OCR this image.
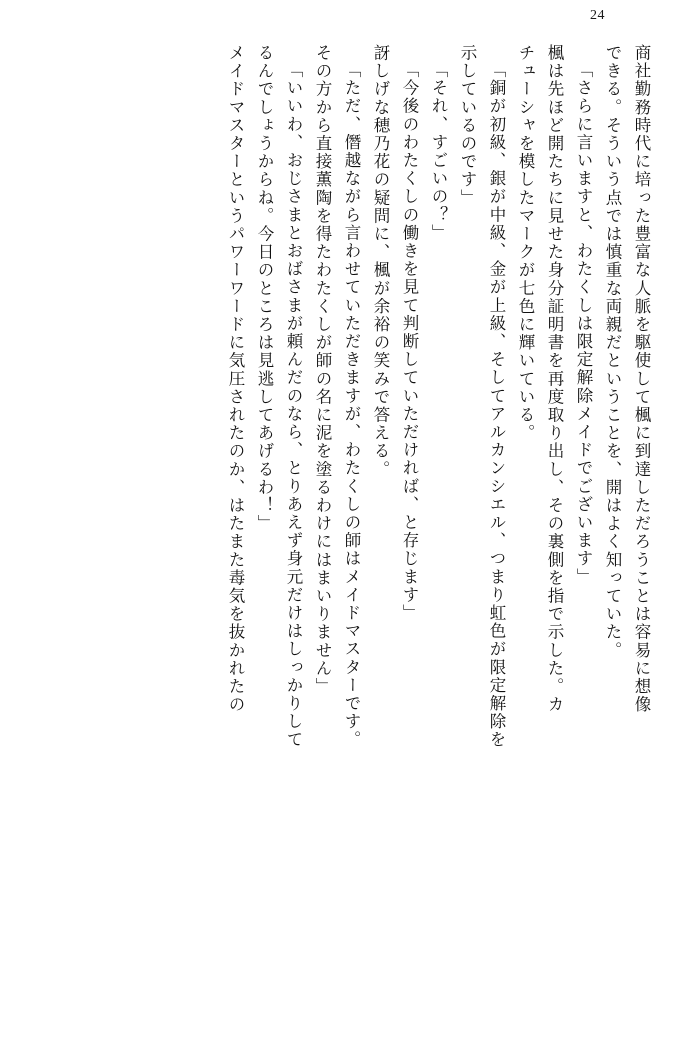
24
商社勤務時代に培った豊富な人脈を駆使して楓に到達しただろうことは容易に想像
できる。そういう点では慎重な両親だということを、開はよく知っていた。
「さらに言いますと、わたくしは限定解除メイドでございます」
楓は先ほど開たちに見せた身分証明書を再度取り出し、その裏側を指で示した。カ
チューシャを模したマークが七色に輝いている。
「銅が初級、銀が中級、金が上級、そしてアルカンシエル、つまり虹色が限定解除を
示しているのです」
「それ、すごいの？」
「今後のわたくしの働きを見て判断していただければ、と存じます」
訝しげな穂乃花の疑問に、楓が余裕の笑みで答える。
「ただ、僭越ながら言わせていただきますが、わたくしの師はメイドマスターです。
その方から直接薫陶を得たわたくしが師の名に泥を塗るわけにはまいりません」
「いいわ、おじさまとおばさまが頼んだのなら、とりあえず身元だけはしっかりして
るんでしょうからね。今日のところは見逃してあげるわ！」
メイドマスターというパワーワードに気圧されたのか、はたまた毒気を抜かれたの
